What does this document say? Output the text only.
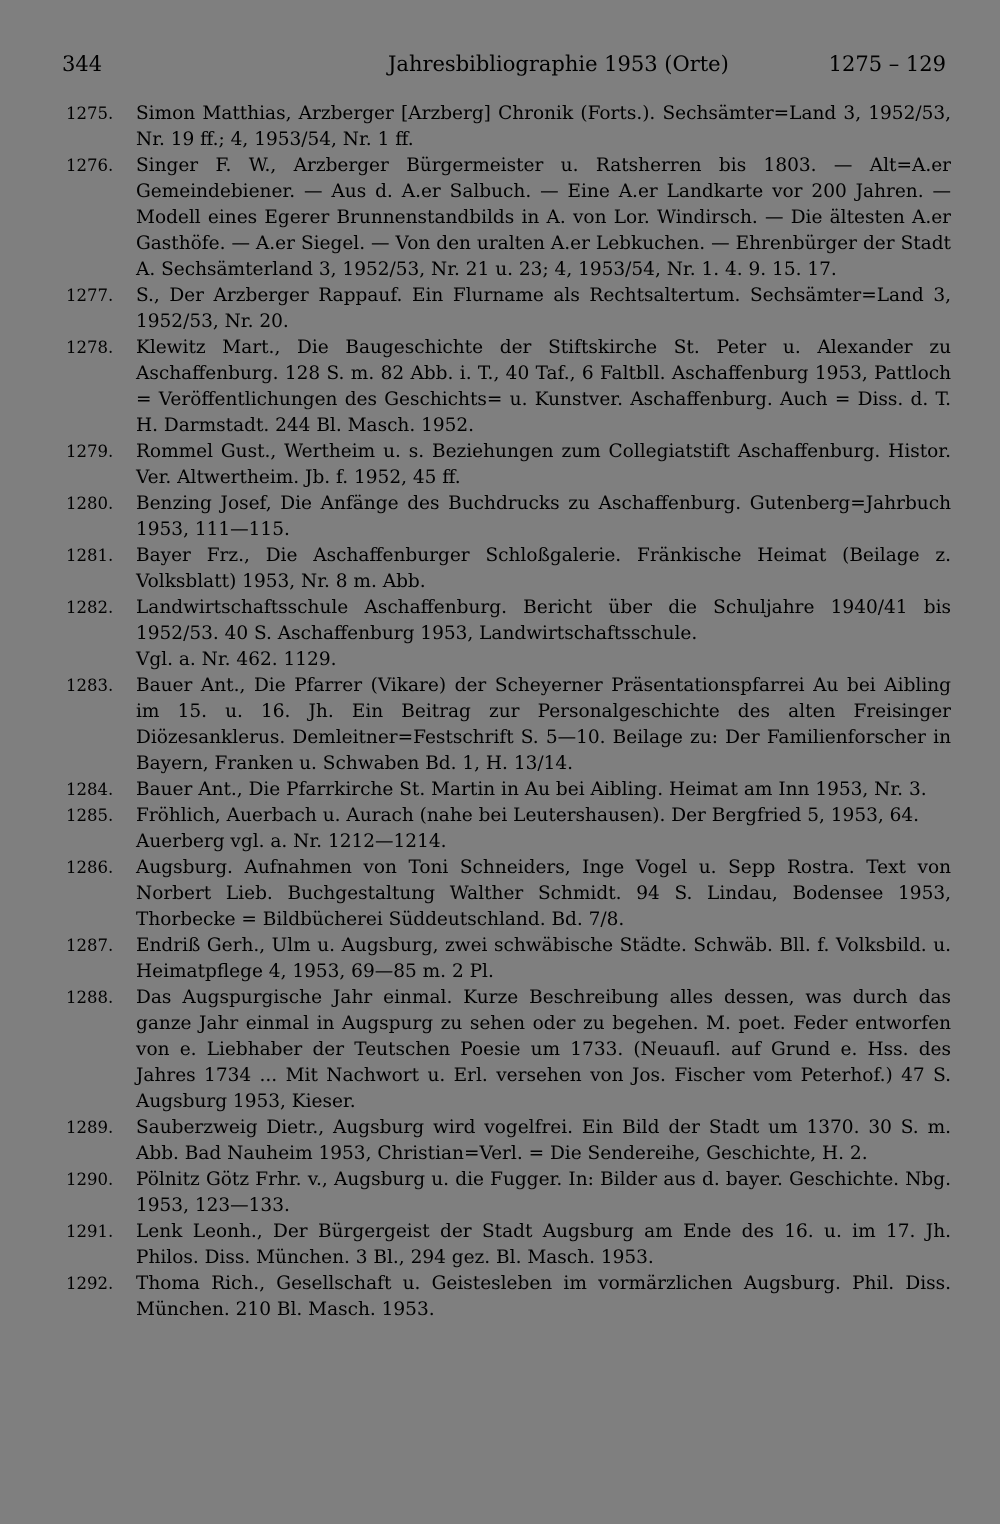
344	Jahresbibliographie 1953 (Orte)	1275 – 129
1275.	Simon Matthias, Arzberger [Arzberg] Chronik (Forts.). Sechsämter=Land 3, 1952/53, Nr. 19 ff.; 4, 1953/54, Nr. 1 ff.
1276.	Singer F. W., Arzberger Bürgermeister u. Ratsherren bis 1803. — Alt=A.er Gemeindebiener. — Aus d. A.er Salbuch. — Eine A.er Landkarte vor 200 Jahren. — Modell eines Egerer Brunnenstandbilds in A. von Lor. Windirsch. — Die ältesten A.er Gasthöfe. — A.er Siegel. — Von den uralten A.er Lebkuchen. — Ehrenbürger der Stadt A. Sechsämterland 3, 1952/53, Nr. 21 u. 23; 4, 1953/54, Nr. 1. 4. 9. 15. 17.
1277.	S., Der Arzberger Rappauf. Ein Flurname als Rechtsaltertum. Sechsämter=Land 3, 1952/53, Nr. 20.
1278.	Klewitz Mart., Die Baugeschichte der Stiftskirche St. Peter u. Alexander zu Aschaffenburg. 128 S. m. 82 Abb. i. T., 40 Taf., 6 Faltbll. Aschaffenburg 1953, Pattloch = Veröffentlichungen des Geschichts= u. Kunstver. Aschaffenburg. Auch = Diss. d. T. H. Darmstadt. 244 Bl. Masch. 1952.
1279.	Rommel Gust., Wertheim u. s. Beziehungen zum Collegiatstift Aschaffenburg. Histor. Ver. Altwertheim. Jb. f. 1952, 45 ff.
1280.	Benzing Josef, Die Anfänge des Buchdrucks zu Aschaffenburg. Gutenberg=Jahrbuch 1953, 111—115.
1281.	Bayer Frz., Die Aschaffenburger Schloßgalerie. Fränkische Heimat (Beilage z. Volksblatt) 1953, Nr. 8 m. Abb.
1282.	Landwirtschaftsschule Aschaffenburg. Bericht über die Schuljahre 1940/41 bis 1952/53. 40 S. Aschaffenburg 1953, Landwirtschaftsschule.
Vgl. a. Nr. 462. 1129.
1283.	Bauer Ant., Die Pfarrer (Vikare) der Scheyerner Präsentationspfarrei Au bei Aibling im 15. u. 16. Jh. Ein Beitrag zur Personalgeschichte des alten Freisinger Diözesanklerus. Demleitner=Festschrift S. 5—10. Beilage zu: Der Familienforscher in Bayern, Franken u. Schwaben Bd. 1, H. 13/14.
1284.	Bauer Ant., Die Pfarrkirche St. Martin in Au bei Aibling. Heimat am Inn 1953, Nr. 3.
1285.	Fröhlich, Auerbach u. Aurach (nahe bei Leutershausen). Der Bergfried 5, 1953, 64.
Auerberg vgl. a. Nr. 1212—1214.
1286.	Augsburg. Aufnahmen von Toni Schneiders, Inge Vogel u. Sepp Rostra. Text von Norbert Lieb. Buchgestaltung Walther Schmidt. 94 S. Lindau, Bodensee 1953, Thorbecke = Bildbücherei Süddeutschland. Bd. 7/8.
1287.	Endriß Gerh., Ulm u. Augsburg, zwei schwäbische Städte. Schwäb. Bll. f. Volksbild. u. Heimatpflege 4, 1953, 69—85 m. 2 Pl.
1288.	Das Augspurgische Jahr einmal. Kurze Beschreibung alles dessen, was durch das ganze Jahr einmal in Augspurg zu sehen oder zu begehen. M. poet. Feder entworfen von e. Liebhaber der Teutschen Poesie um 1733. (Neuaufl. auf Grund e. Hss. des Jahres 1734 ... Mit Nachwort u. Erl. versehen von Jos. Fischer vom Peterhof.) 47 S. Augsburg 1953, Kieser.
1289.	Sauberzweig Dietr., Augsburg wird vogelfrei. Ein Bild der Stadt um 1370. 30 S. m. Abb. Bad Nauheim 1953, Christian=Verl. = Die Sendereihe, Geschichte, H. 2.
1290.	Pölnitz Götz Frhr. v., Augsburg u. die Fugger. In: Bilder aus d. bayer. Geschichte. Nbg. 1953, 123—133.
1291.	Lenk Leonh., Der Bürgergeist der Stadt Augsburg am Ende des 16. u. im 17. Jh. Philos. Diss. München. 3 Bl., 294 gez. Bl. Masch. 1953.
1292.	Thoma Rich., Gesellschaft u. Geistesleben im vormärzlichen Augsburg. Phil. Diss. München. 210 Bl. Masch. 1953.
